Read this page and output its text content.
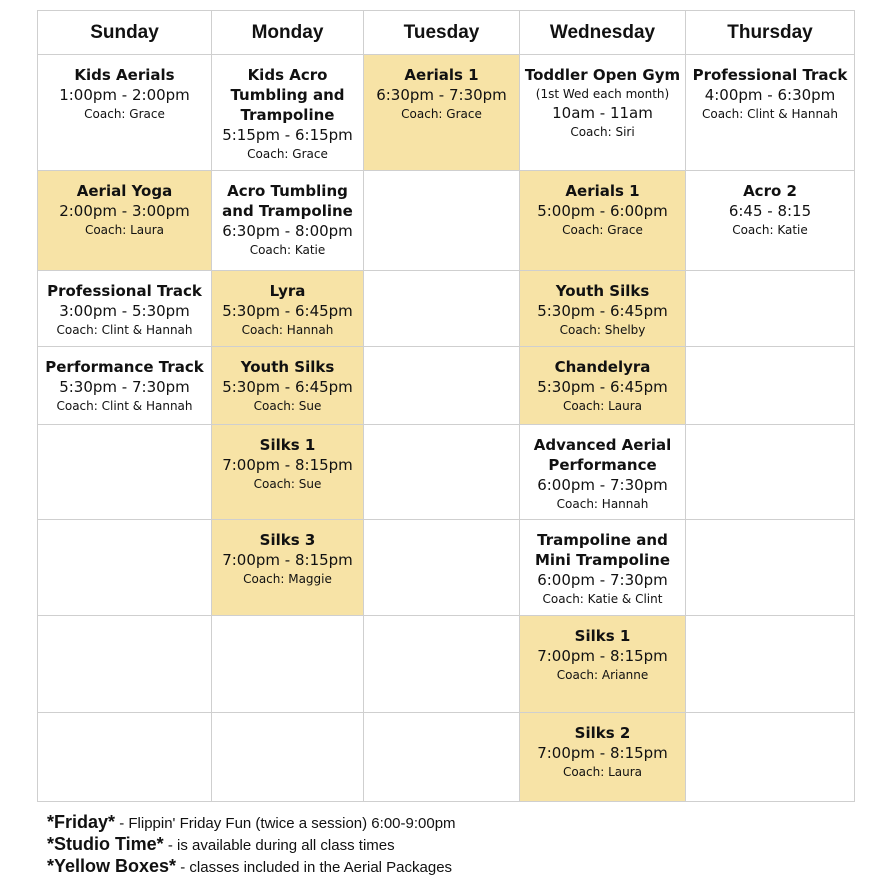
Sunday	Monday	Tuesday	Wednesday	Thursday

Kids Aerials
1:00pm - 2:00pm
Coach: Grace	Kids Acro Tumbling and Trampoline
5:15pm - 6:15pm
Coach: Grace	Aerials 1
6:30pm - 7:30pm
Coach: Grace	Toddler Open Gym
(1st Wed each month)
10am - 11am
Coach: Siri	Professional Track
4:00pm - 6:30pm
Coach: Clint & Hannah

Aerial Yoga
2:00pm - 3:00pm
Coach: Laura	Acro Tumbling and Trampoline
6:30pm - 8:00pm
Coach: Katie		Aerials 1
5:00pm - 6:00pm
Coach: Grace	Acro 2
6:45 - 8:15
Coach: Katie

Professional Track
3:00pm - 5:30pm
Coach: Clint & Hannah	Lyra
5:30pm - 6:45pm
Coach: Hannah		Youth Silks
5:30pm - 6:45pm
Coach: Shelby	

Performance Track
5:30pm - 7:30pm
Coach: Clint & Hannah	Youth Silks
5:30pm - 6:45pm
Coach: Sue		Chandelyra
5:30pm - 6:45pm
Coach: Laura	

	Silks 1
7:00pm - 8:15pm
Coach: Sue		Advanced Aerial Performance
6:00pm - 7:30pm
Coach: Hannah	

	Silks 3
7:00pm - 8:15pm
Coach: Maggie		Trampoline and Mini Trampoline
6:00pm - 7:30pm
Coach: Katie & Clint	

			Silks 1
7:00pm - 8:15pm
Coach: Arianne	

			Silks 2
7:00pm - 8:15pm
Coach: Laura	

*Friday* - Flippin' Friday Fun (twice a session) 6:00-9:00pm
*Studio Time* - is available during all class times
*Yellow Boxes* - classes included in the Aerial Packages
